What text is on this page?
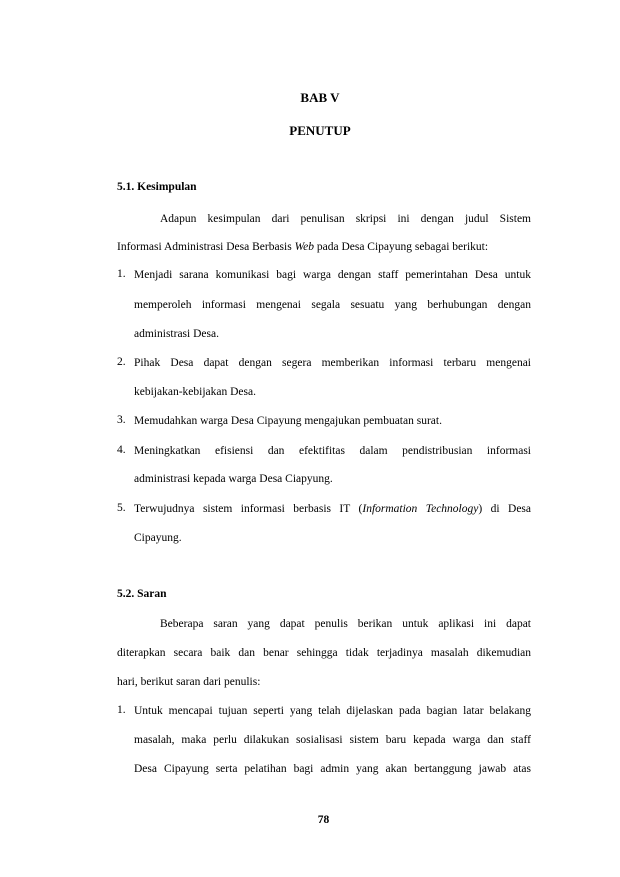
BAB V
PENUTUP
5.1. Kesimpulan
Adapun kesimpulan dari penulisan skripsi ini dengan judul Sistem
Informasi Administrasi Desa Berbasis Web pada Desa Cipayung sebagai berikut:
1. Menjadi sarana komunikasi bagi warga dengan staff pemerintahan Desa untuk
memperoleh informasi mengenai segala sesuatu yang berhubungan dengan
administrasi Desa.
2. Pihak Desa dapat dengan segera memberikan informasi terbaru mengenai
kebijakan-kebijakan Desa.
3. Memudahkan warga Desa Cipayung mengajukan pembuatan surat.
4. Meningkatkan efisiensi dan efektifitas dalam pendistribusian informasi
administrasi kepada warga Desa Ciapyung.
5. Terwujudnya sistem informasi berbasis IT (Information Technology) di Desa
Cipayung.
5.2. Saran
Beberapa saran yang dapat penulis berikan untuk aplikasi ini dapat
diterapkan secara baik dan benar sehingga tidak terjadinya masalah dikemudian
hari, berikut saran dari penulis:
1. Untuk mencapai tujuan seperti yang telah dijelaskan pada bagian latar belakang
masalah, maka perlu dilakukan sosialisasi sistem baru kepada warga dan staff
Desa Cipayung serta pelatihan bagi admin yang akan bertanggung jawab atas
78
